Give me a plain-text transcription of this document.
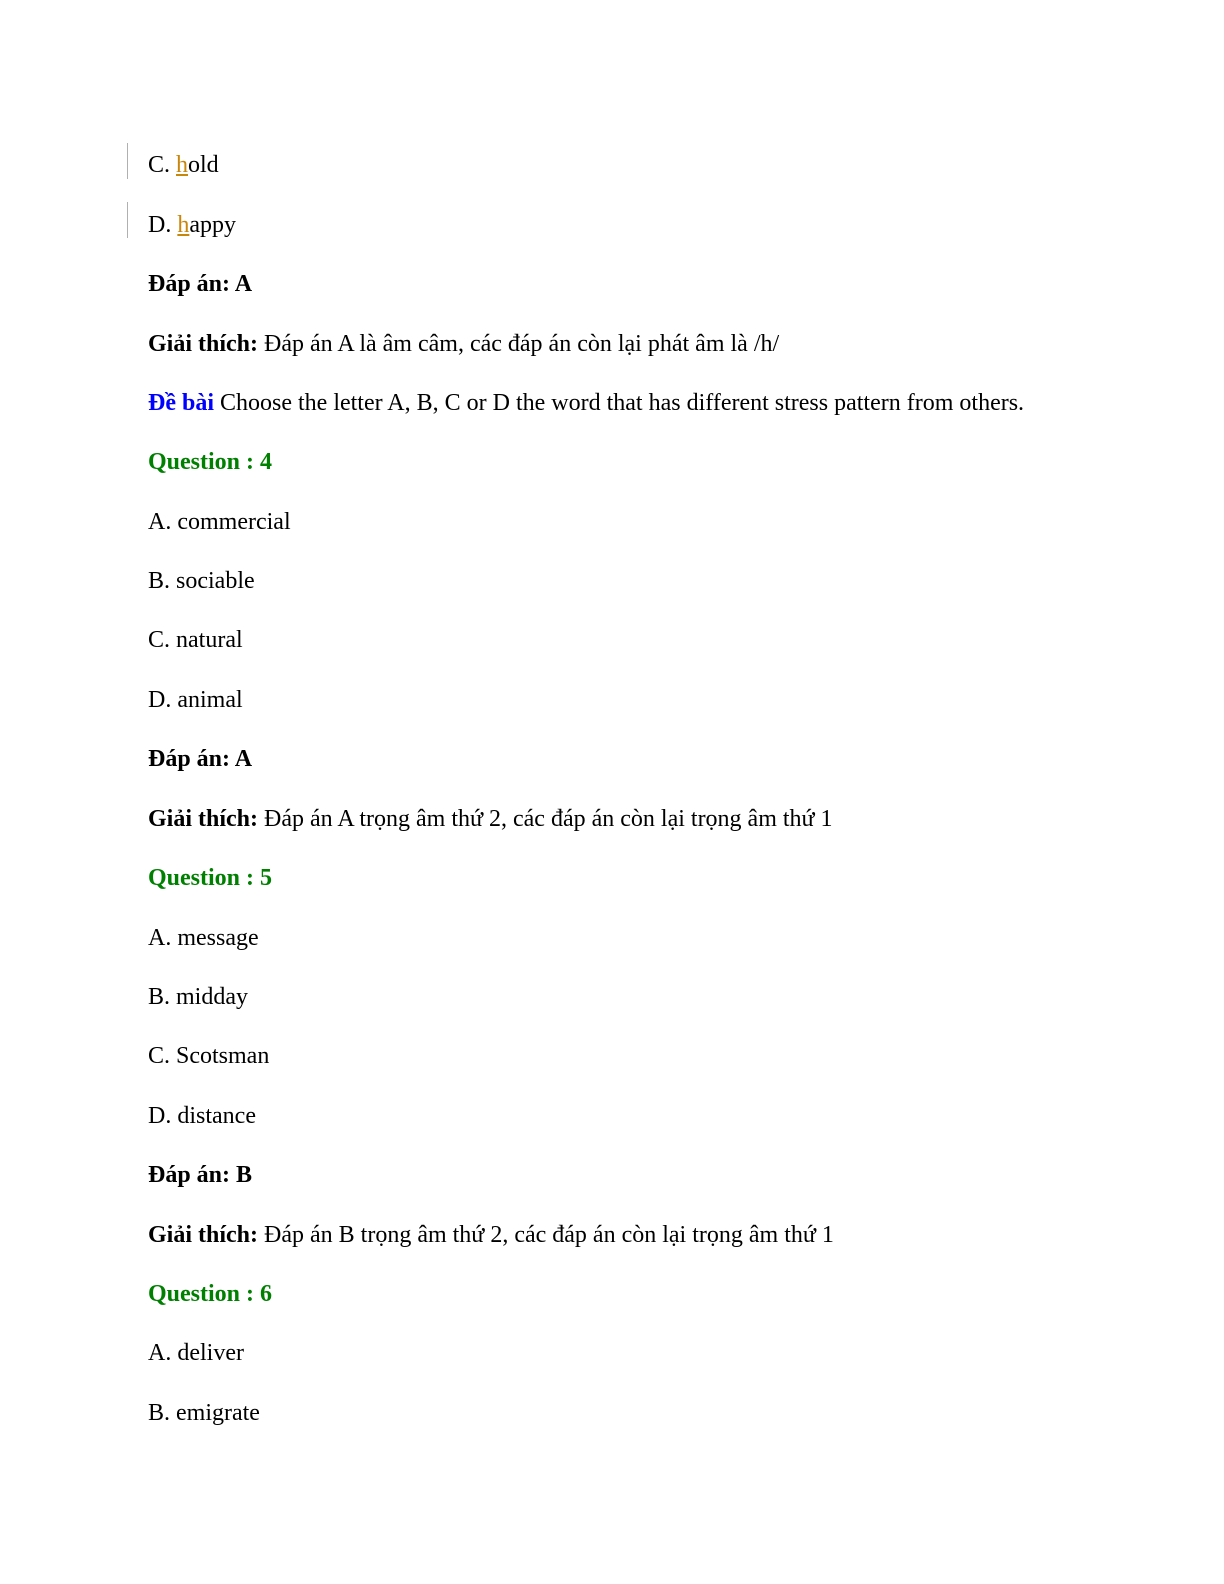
C. hold
D. happy
Đáp án: A
Giải thích: Đáp án A là âm câm, các đáp án còn lại phát âm là /h/
Đề bài Choose the letter A, B, C or D the word that has different stress pattern from others.
Question : 4
A. commercial
B. sociable
C. natural
D. animal
Đáp án: A
Giải thích: Đáp án A trọng âm thứ 2, các đáp án còn lại trọng âm thứ 1
Question : 5
A. message
B. midday
C. Scotsman
D. distance
Đáp án: B
Giải thích: Đáp án B trọng âm thứ 2, các đáp án còn lại trọng âm thứ 1
Question : 6
A. deliver
B. emigrate
